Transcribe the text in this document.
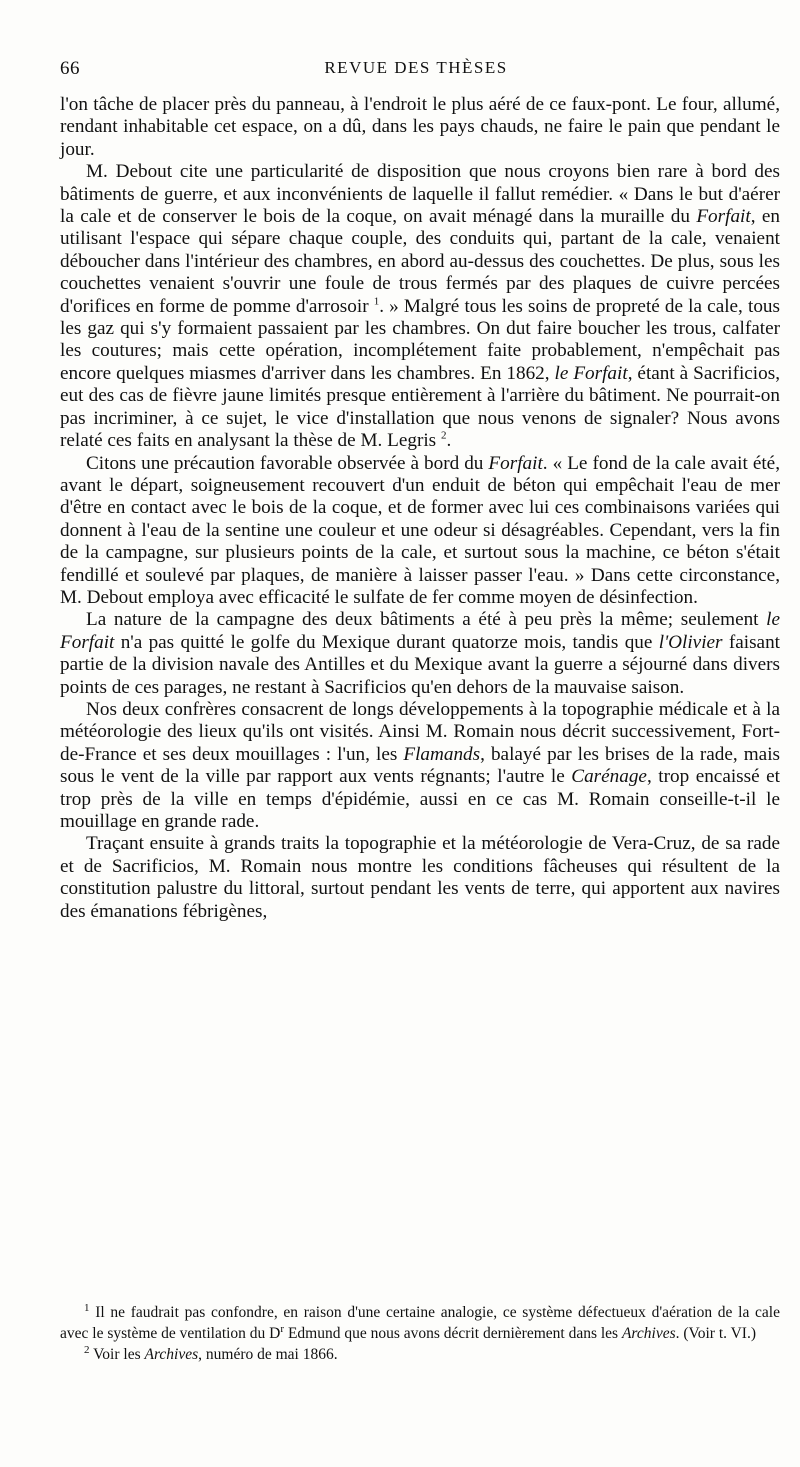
66	REVUE DES THÈSES

l'on tâche de placer près du panneau, à l'endroit le plus aéré de ce faux-pont. Le four, allumé, rendant inhabitable cet espace, on a dû, dans les pays chauds, ne faire le pain que pendant le jour.

M. Debout cite une particularité de disposition que nous croyons bien rare à bord des bâtiments de guerre, et aux inconvénients de laquelle il fallut remédier. « Dans le but d'aérer la cale et de conserver le bois de la coque, on avait ménagé dans la muraille du Forfait, en utilisant l'espace qui sépare chaque couple, des conduits qui, partant de la cale, venaient déboucher dans l'intérieur des chambres, en abord au-dessus des couchettes. De plus, sous les couchettes venaient s'ouvrir une foule de trous fermés par des plaques de cuivre percées d'orifices en forme de pomme d'arrosoir $^1$. » Malgré tous les soins de propreté de la cale, tous les gaz qui s'y formaient passaient par les chambres. On dut faire boucher les trous, calfater les coutures; mais cette opération, incomplétement faite probablement, n'empêchait pas encore quelques miasmes d'arriver dans les chambres. En 1862, le Forfait, étant à Sacrificios, eut des cas de fièvre jaune limités presque entièrement à l'arrière du bâtiment. Ne pourrait-on pas incriminer, à ce sujet, le vice d'installation que nous venons de signaler? Nous avons relaté ces faits en analysant la thèse de M. Legris $^2$.

Citons une précaution favorable observée à bord du Forfait. « Le fond de la cale avait été, avant le départ, soigneusement recouvert d'un enduit de béton qui empêchait l'eau de mer d'être en contact avec le bois de la coque, et de former avec lui ces combinaisons variées qui donnent à l'eau de la sentine une couleur et une odeur si désagréables. Cependant, vers la fin de la campagne, sur plusieurs points de la cale, et surtout sous la machine, ce béton s'était fendillé et soulevé par plaques, de manière à laisser passer l'eau. » Dans cette circonstance, M. Debout employa avec efficacité le sulfate de fer comme moyen de désinfection.

La nature de la campagne des deux bâtiments a été à peu près la même; seulement le Forfait n'a pas quitté le golfe du Mexique durant quatorze mois, tandis que l'Olivier faisant partie de la division navale des Antilles et du Mexique avant la guerre a séjourné dans divers points de ces parages, ne restant à Sacrificios qu'en dehors de la mauvaise saison.

Nos deux confrères consacrent de longs développements à la topographie médicale et à la météorologie des lieux qu'ils ont visités. Ainsi M. Romain nous décrit successivement, Fort-de-France et ses deux mouillages : l'un, les Flamands, balayé par les brises de la rade, mais sous le vent de la ville par rapport aux vents régnants; l'autre le Carénage, trop encaissé et trop près de la ville en temps d'épidémie, aussi en ce cas M. Romain conseille-t-il le mouillage en grande rade.

Traçant ensuite à grands traits la topographie et la météorologie de Vera-Cruz, de sa rade et de Sacrificios, M. Romain nous montre les conditions fâcheuses qui résultent de la constitution palustre du littoral, surtout pendant les vents de terre, qui apportent aux navires des émanations fébrigènes,

$^1$ Il ne faudrait pas confondre, en raison d'une certaine analogie, ce système défectueux d'aération de la cale avec le système de ventilation du $D^r$ Edmund que nous avons décrit dernièrement dans les Archives. (Voir t. VI.)

$^2$ Voir les Archives, numéro de mai 1866.
